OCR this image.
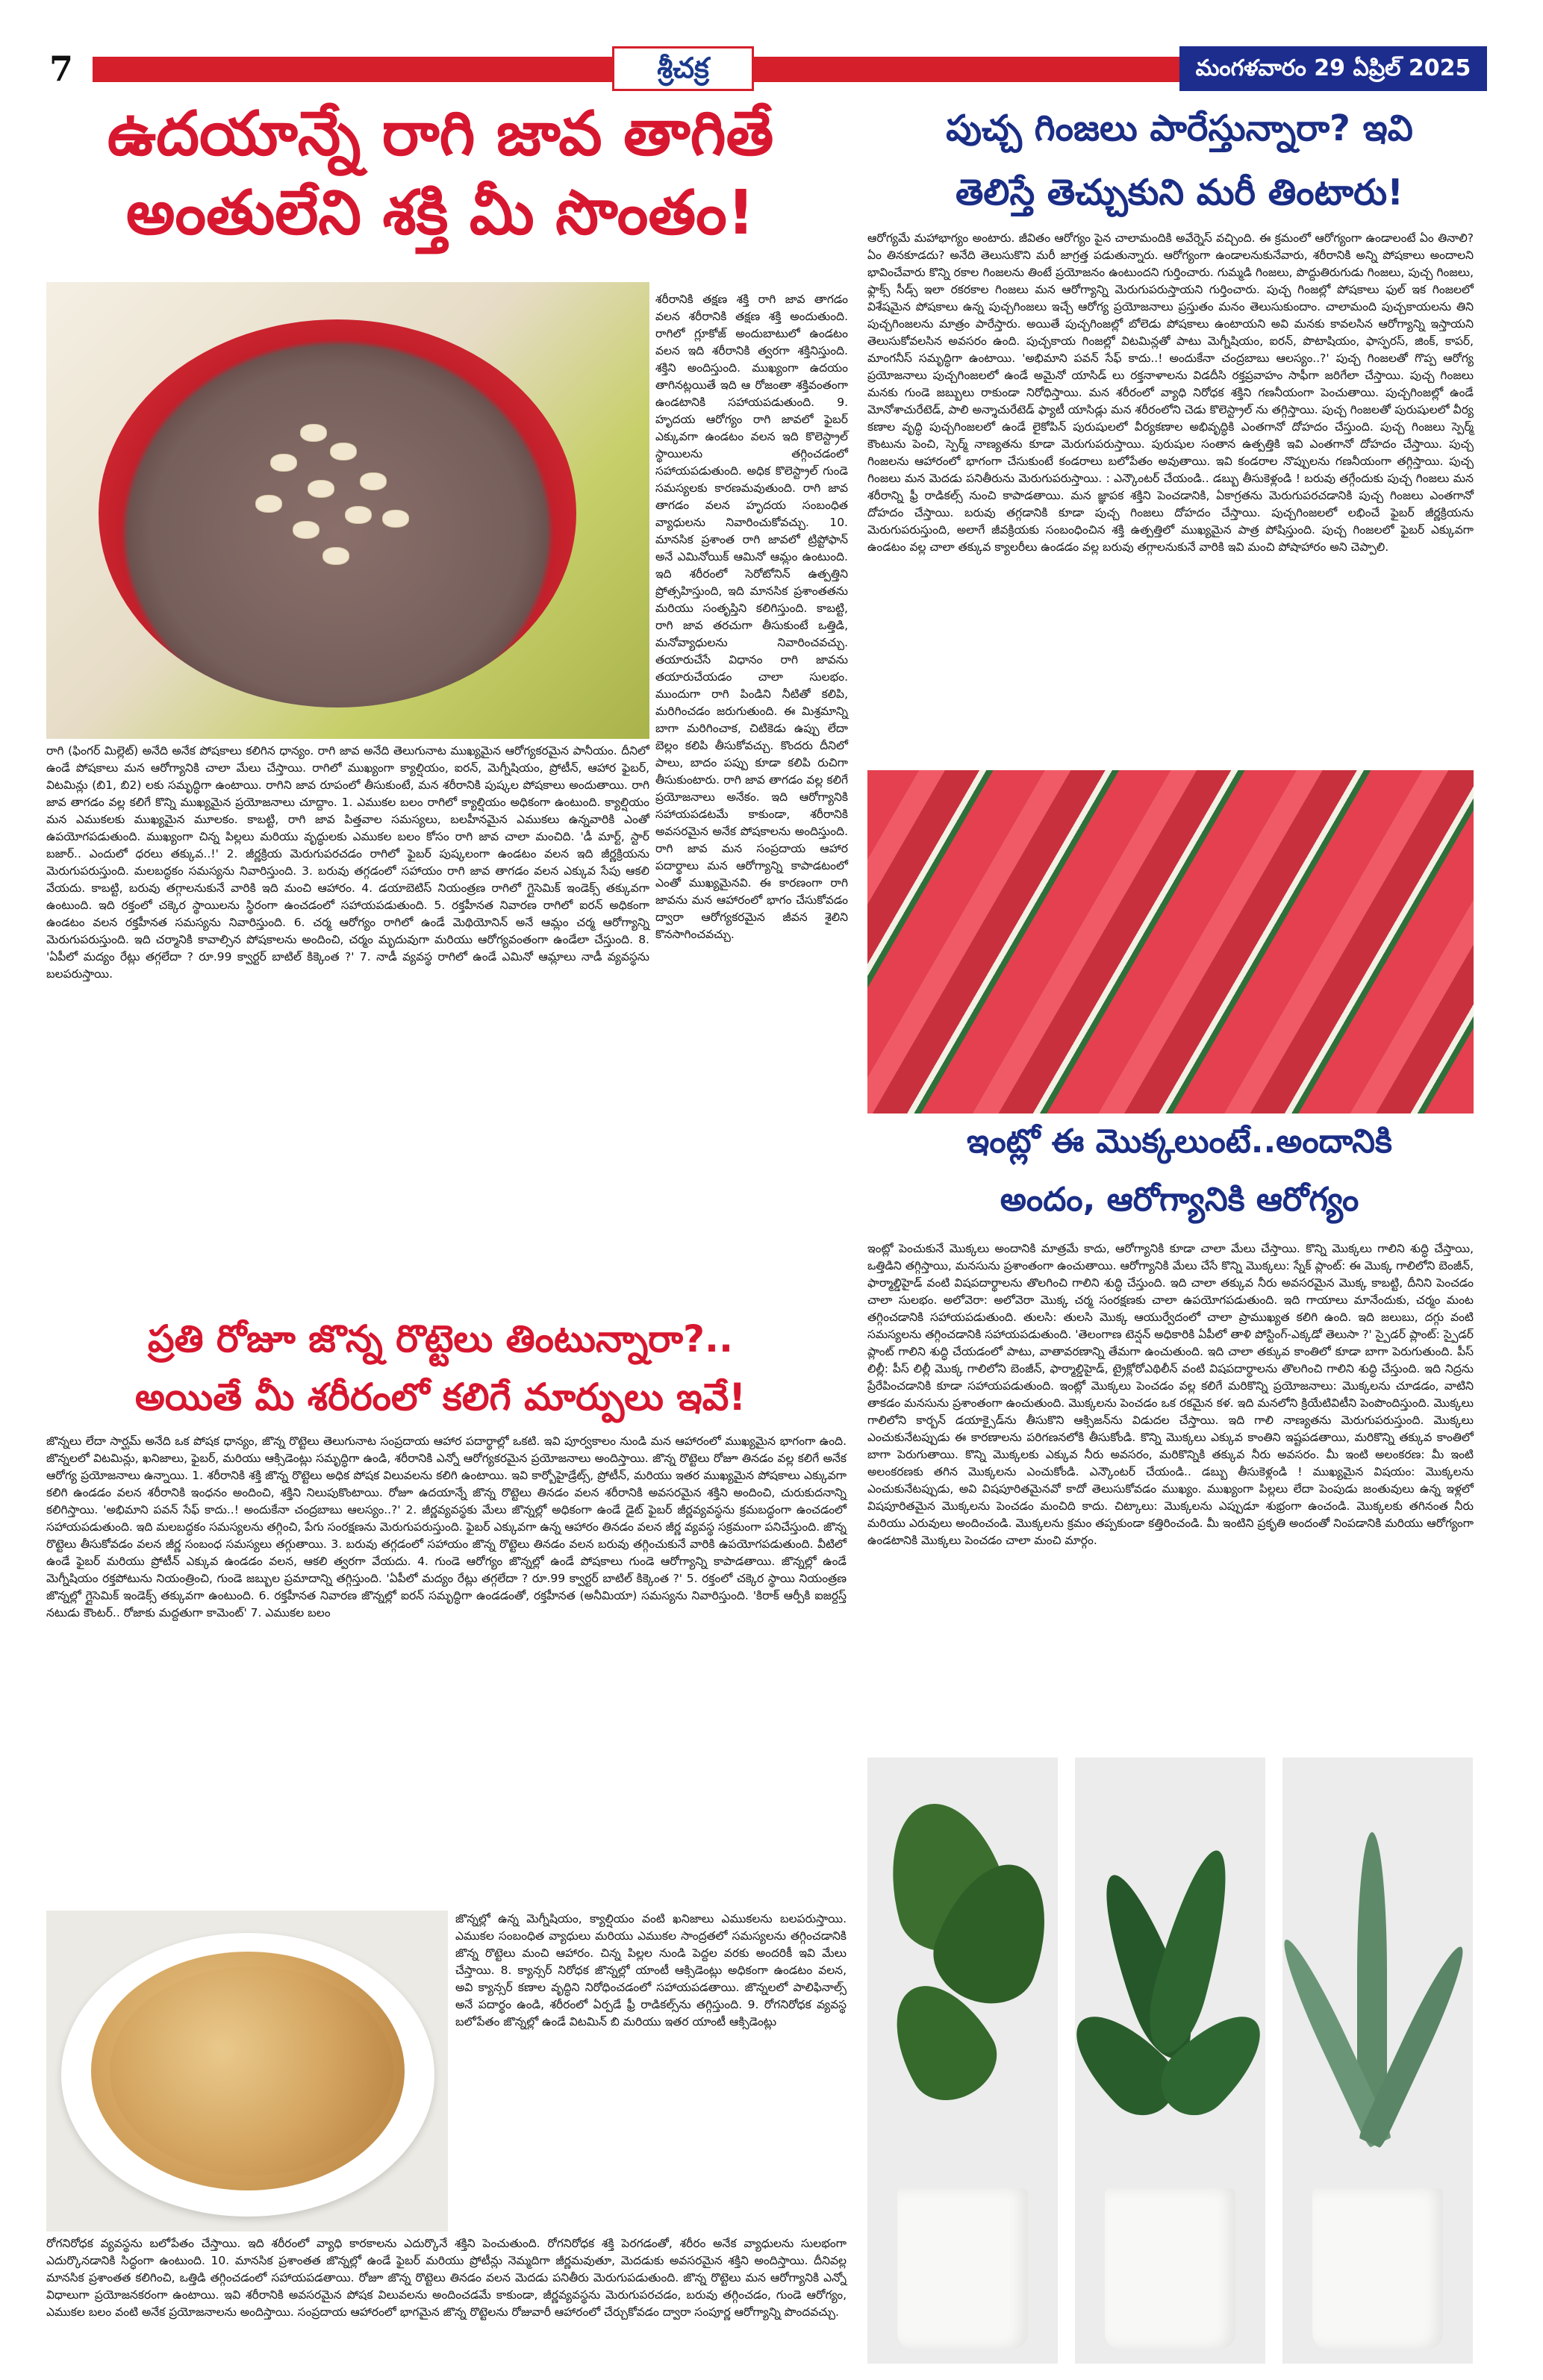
7	శ్రీచక్ర	మంగళవారం 29 ఏప్రిల్ 2025
ఉదయాన్నే రాగి జావ తాగితే
అంతులేని శక్తి మీ సొంతం!
శరీరానికి తక్షణ శక్తి రాగి జావ తాగడం వలన శరీరానికి తక్షణ శక్తి అందుతుంది. రాగిలో గ్లూకోజ్ అందుబాటులో ఉండటం వలన ఇది శరీరానికి త్వరగా శక్తినిస్తుంది. శక్తిని అందిస్తుంది. ముఖ్యంగా ఉదయం తాగినట్లయితే ఇది ఆ రోజంతా శక్తివంతంగా ఉండటానికి సహాయపడుతుంది. 9. హృదయ ఆరోగ్యం రాగి జావలో ఫైబర్ ఎక్కువగా ఉండటం వలన ఇది కొలెస్ట్రాల్ స్థాయిలను తగ్గించడంలో సహాయపడుతుంది. అధిక కొలెస్ట్రాల్ గుండె సమస్యలకు కారణమవుతుంది. రాగి జావ తాగడం వలన హృదయ సంబంధిత వ్యాధులను నివారించుకోవచ్చు. 10. మానసిక ప్రశాంత రాగి జావలో ట్రిప్టోఫాన్ అనే ఎమినోయిక్ ఆమినో ఆమ్లం ఉంటుంది. ఇది శరీరంలో సెరోటోనిన్ ఉత్పత్తిని ప్రోత్సహిస్తుంది, ఇది మానసిక ప్రశాంతతను మరియు సంతృప్తిని కలిగిస్తుంది. కాబట్టి, రాగి జావ తరచుగా తీసుకుంటే ఒత్తిడి, మనోవ్యాధులను నివారించవచ్చు. తయారుచేసే విధానం రాగి జావను తయారుచేయడం చాలా సులభం. ముందుగా రాగి పిండిని నీటితో కలిపి, మరిగించడం జరుగుతుంది. ఈ మిశ్రమాన్ని బాగా మరిగించాక, చిటికెడు ఉప్పు లేదా బెల్లం కలిపి తీసుకోవచ్చు. కొందరు దీనిలో పాలు, బాదం పప్పు కూడా కలిపి రుచిగా తీసుకుంటారు. రాగి జావ తాగడం వల్ల కలిగే ప్రయోజనాలు అనేకం. ఇది ఆరోగ్యానికి సహాయపడటమే కాకుండా, శరీరానికి అవసరమైన అనేక పోషకాలను అందిస్తుంది. రాగి జావ మన సంప్రదాయ ఆహార పదార్థాలు మన ఆరోగ్యాన్ని కాపాడటంలో ఎంతో ముఖ్యమైనవి. ఈ కారణంగా రాగి జావను మన ఆహారంలో భాగం చేసుకోవడం ద్వారా ఆరోగ్యకరమైన జీవన శైలిని కొనసాగించవచ్చు.
రాగి (ఫింగర్ మిల్లెట్) అనేది అనేక పోషకాలు కలిగిన ధాన్యం. రాగి జావ అనేది తెలుగునాట ముఖ్యమైన ఆరోగ్యకరమైన పానీయం. దీనిలో ఉండే పోషకాలు మన ఆరోగ్యానికి చాలా మేలు చేస్తాయి. రాగిలో ముఖ్యంగా క్యాల్షియం, ఐరన్, మెగ్నీషియం, ప్రోటీన్, ఆహార ఫైబర్, విటమిన్లు (బి1, బి2) లకు సమృద్ధిగా ఉంటాయి. రాగిని జావ రూపంలో తీసుకుంటే, మన శరీరానికి పుష్కల పోషకాలు అందుతాయి. రాగి జావ తాగడం వల్ల కలిగే కొన్ని ముఖ్యమైన ప్రయోజనాలు చూద్దాం. 1. ఎముకల బలం రాగిలో క్యాల్షియం అధికంగా ఉంటుంది. క్యాల్షియం మన ఎముకలకు ముఖ్యమైన మూలకం. కాబట్టి, రాగి జావ పిత్తవాల సమస్యలు, బలహీనమైన ఎముకలు ఉన్నవారికి ఎంతో ఉపయోగపడుతుంది. ముఖ్యంగా చిన్న పిల్లలు మరియు వృద్ధులకు ఎముకల బలం కోసం రాగి జావ చాలా మంచిది. 'డీ మార్ట్, స్టార్ బజార్.. ఎందులో ధరలు తక్కువ..!' 2. జీర్ణక్రియ మెరుగుపరచడం రాగిలో ఫైబర్ పుష్కలంగా ఉండటం వలన ఇది జీర్ణక్రియను మెరుగుపరుస్తుంది. మలబద్ధకం సమస్యను నివారిస్తుంది. 3. బరువు తగ్గడంలో సహాయం రాగి జావ తాగడం వలన ఎక్కువ సేపు ఆకలి వేయదు. కాబట్టి, బరువు తగ్గాలనుకునే వారికి ఇది మంచి ఆహారం. 4. డయాబెటిస్ నియంత్రణ రాగిలో గ్లైసెమిక్ ఇండెక్స్ తక్కువగా ఉంటుంది. ఇది రక్తంలో చక్కెర స్థాయిలను స్థిరంగా ఉంచడంలో సహాయపడుతుంది. 5. రక్తహీనత నివారణ రాగిలో ఐరన్ అధికంగా ఉండటం వలన రక్తహీనత సమస్యను నివారిస్తుంది. 6. చర్మ ఆరోగ్యం రాగిలో ఉండే మెథియోనిన్ అనే ఆమ్లం చర్మ ఆరోగ్యాన్ని మెరుగుపరుస్తుంది. ఇది చర్మానికి కావాల్సిన పోషకాలను అందించి, చర్మం మృదువుగా మరియు ఆరోగ్యవంతంగా ఉండేలా చేస్తుంది. 8. 'ఏపీలో మద్యం రేట్లు తగ్గలేదా ? రూ.99 క్వార్టర్ బాటిల్ కిక్కెంత ?' 7. నాడీ వ్యవస్థ రాగిలో ఉండే ఎమినో ఆమ్లాలు నాడీ వ్యవస్థను బలపరుస్తాయి.
ప్రతి రోజూ జొన్న రొట్టెలు తింటున్నారా?..
అయితే మీ శరీరంలో కలిగే మార్పులు ఇవే!
జొన్నలు లేదా సార్ఘమ్ అనేది ఒక పోషక ధాన్యం, జొన్న రొట్టెలు తెలుగునాట సంప్రదాయ ఆహార పదార్థాల్లో ఒకటి. ఇవి పూర్వకాలం నుండి మన ఆహారంలో ముఖ్యమైన భాగంగా ఉంది. జొన్నలలో విటమిన్లు, ఖనిజాలు, ఫైబర్, మరియు ఆక్సిడెంట్లు సమృద్ధిగా ఉండి, శరీరానికి ఎన్నో ఆరోగ్యకరమైన ప్రయోజనాలు అందిస్తాయి. జొన్న రొట్టెలు రోజూ తినడం వల్ల కలిగే అనేక ఆరోగ్య ప్రయోజనాలు ఉన్నాయి. 1. శరీరానికి శక్తి జొన్న రొట్టెలు అధిక పోషక విలువలను కలిగి ఉంటాయి. ఇవి కార్బోహైడ్రేట్స్, ప్రోటీన్, మరియు ఇతర ముఖ్యమైన పోషకాలు ఎక్కువగా కలిగి ఉండడం వలన శరీరానికి ఇంధనం అందించి, శక్తిని నిలుపుకొంటాయి. రోజూ ఉదయాన్నే జొన్న రొట్టెలు తినడం వలన శరీరానికి అవసరమైన శక్తిని అందించి, చురుకుదనాన్ని కలిగిస్తాయి. 'అభిమాని పవన్ సేఫ్ కాదు..! అందుకేనా చంద్రబాబు ఆలస్యం..?' 2. జీర్ణవ్యవస్థకు మేలు జొన్నల్లో అధికంగా ఉండే డైట్ ఫైబర్ జీర్ణవ్యవస్థను క్రమబద్ధంగా ఉంచడంలో సహాయపడుతుంది. ఇది మలబద్ధకం సమస్యలను తగ్గించి, పేగు సంరక్షణను మెరుగుపరుస్తుంది. ఫైబర్ ఎక్కువగా ఉన్న ఆహారం తినడం వలన జీర్ణ వ్యవస్థ సక్రమంగా పనిచేస్తుంది. జొన్న రొట్టెలు తీసుకోవడం వలన జీర్ణ సంబంధ సమస్యలు తగ్గుతాయి. 3. బరువు తగ్గడంలో సహాయం జొన్న రొట్టెలు తినడం వలన బరువు తగ్గించుకునే వారికి ఉపయోగపడుతుంది. వీటిలో ఉండే ఫైబర్ మరియు ప్రోటీన్ ఎక్కువ ఉండడం వలన, ఆకలి త్వరగా వేయదు. 4. గుండె ఆరోగ్యం జొన్నల్లో ఉండే పోషకాలు గుండె ఆరోగ్యాన్ని కాపాడతాయి. జొన్నల్లో ఉండే మెగ్నీషియం రక్తపోటును నియంత్రించి, గుండె జబ్బుల ప్రమాదాన్ని తగ్గిస్తుంది. 'ఏపీలో మద్యం రేట్లు తగ్గలేదా ? రూ.99 క్వార్టర్ బాటిల్ కిక్కెంత ?' 5. రక్తంలో చక్కెర స్థాయి నియంత్రణ జొన్నల్లో గ్లైసెమిక్ ఇండెక్స్ తక్కువగా ఉంటుంది. 6. రక్తహీనత నివారణ జొన్నల్లో ఐరన్ సమృద్ధిగా ఉండడంతో, రక్తహీనత (అనీమియా) సమస్యను నివారిస్తుంది. 'కిరాక్ ఆర్పీకి ఐజర్దస్త్ నటుడు కౌంటర్.. రోజాకు మద్దతుగా కామెంట్' 7. ఎముకల బలం
జొన్నల్లో ఉన్న మెగ్నీషియం, క్యాల్షియం వంటి ఖనిజాలు ఎముకలను బలపరుస్తాయి. ఎముకల సంబంధిత వ్యాధులు మరియు ఎముకల సాంద్రతలో సమస్యలను తగ్గించడానికి జొన్న రొట్టెలు మంచి ఆహారం. చిన్న పిల్లల నుండి పెద్దల వరకు అందరికీ ఇవి మేలు చేస్తాయి. 8. క్యాన్సర్ నిరోధక జొన్నల్లో యాంటీ ఆక్సిడెంట్లు అధికంగా ఉండటం వలన, అవి క్యాన్సర్ కణాల వృద్ధిని నిరోధించడంలో సహాయపడతాయి. జొన్నలలో పాలిఫినాల్స్ అనే పదార్థం ఉండి, శరీరంలో ఏర్పడే ఫ్రీ రాడికల్స్‌ను తగ్గిస్తుంది. 9. రోగనిరోధక వ్యవస్థ బలోపేతం జొన్నల్లో ఉండే విటమిన్ బి మరియు ఇతర యాంటీ ఆక్సిడెంట్లు
రోగనిరోధక వ్యవస్థను బలోపేతం చేస్తాయి. ఇది శరీరంలో వ్యాధి కారకాలను ఎదుర్కొనే శక్తిని పెంచుతుంది. రోగనిరోధక శక్తి పెరగడంతో, శరీరం అనేక వ్యాధులను సులభంగా ఎదుర్కొనడానికి సిద్ధంగా ఉంటుంది. 10. మానసిక ప్రశాంతత జొన్నల్లో ఉండే ఫైబర్ మరియు ప్రోటీన్లు నెమ్మదిగా జీర్ణమవుతూ, మెదడుకు అవసరమైన శక్తిని అందిస్తాయి. దీనివల్ల మానసిక ప్రశాంతత కలిగించి, ఒత్తిడి తగ్గించడంలో సహాయపడతాయి. రోజూ జొన్న రొట్టెలు తినడం వలన మెదడు పనితీరు మెరుగుపడుతుంది. జొన్న రొట్టెలు మన ఆరోగ్యానికి ఎన్నో విధాలుగా ప్రయోజనకరంగా ఉంటాయి. ఇవి శరీరానికి అవసరమైన పోషక విలువలను అందించడమే కాకుండా, జీర్ణవ్యవస్థను మెరుగుపరచడం, బరువు తగ్గించడం, గుండె ఆరోగ్యం, ఎముకల బలం వంటి అనేక ప్రయోజనాలను అందిస్తాయి. సంప్రదాయ ఆహారంలో భాగమైన జొన్న రొట్టెలను రోజువారీ ఆహారంలో చేర్చుకోవడం ద్వారా సంపూర్ణ ఆరోగ్యాన్ని పొందవచ్చు.
పుచ్చ గింజలు పారేస్తున్నారా? ఇవి
తెలిస్తే తెచ్చుకుని మరీ తింటారు!
ఆరోగ్యమే మహాభాగ్యం అంటారు. జీవితం ఆరోగ్యం పైన చాలామందికి అవేర్నెస్ వచ్చింది. ఈ క్రమంలో ఆరోగ్యంగా ఉండాలంటే ఏం తినాలి? ఏం తినకూడదు? అనేది తెలుసుకొని మరీ జాగ్రత్త పడుతున్నారు. ఆరోగ్యంగా ఉండాలనుకునేవారు, శరీరానికి అన్ని పోషకాలు అందాలని భావించేవారు కొన్ని రకాల గింజలను తింటే ప్రయోజనం ఉంటుందని గుర్తించారు. గుమ్మడి గింజలు, పొద్దుతిరుగుడు గింజలు, పుచ్చ గింజలు, ఫ్లాక్స్ సీడ్స్ ఇలా రకరకాల గింజలు మన ఆరోగ్యాన్ని మెరుగుపరుస్తాయని గుర్తించారు. పుచ్చ గింజల్లో పోషకాలు ఫుల్ ఇక గింజలలో విశేషమైన పోషకాలు ఉన్న పుచ్చగింజలు ఇచ్చే ఆరోగ్య ప్రయోజనాలు ప్రస్తుతం మనం తెలుసుకుందాం. చాలామంది పుచ్చకాయలను తిని పుచ్చగింజలను మాత్రం పారేస్తారు. అయితే పుచ్చగింజల్లో బోలెడు పోషకాలు ఉంటాయని అవి మనకు కావలసిన ఆరోగ్యాన్ని ఇస్తాయని తెలుసుకోవలసిన అవసరం ఉంది. పుచ్చకాయ గింజల్లో విటమిన్లతో పాటు మెగ్నీషియం, ఐరన్, పొటాషియం, ఫాస్ఫరస్, జింక్, కాపర్, మాంగనీస్ సమృద్ధిగా ఉంటాయి. 'అభిమాని పవన్ సేఫ్ కాదు..! అందుకేనా చంద్రబాబు ఆలస్యం..?' పుచ్చ గింజలతో గొప్ప ఆరోగ్య ప్రయోజనాలు పుచ్చగింజలలో ఉండే అమైనో యాసిడ్ లు రక్తనాళాలను విడదీసి రక్తప్రవాహం సాఫీగా జరిగేలా చేస్తాయి. పుచ్చ గింజలు మనకు గుండె జబ్బులు రాకుండా నిరోధిస్తాయి. మన శరీరంలో వ్యాధి నిరోధక శక్తిని గణనీయంగా పెంచుతాయి. పుచ్చగింజల్లో ఉండే మోనోశాచురేటెడ్, పాలి అన్శాచురేటెడ్ ఫ్యాటీ యాసిడ్లు మన శరీరంలోని చెడు కొలెస్ట్రాల్ ను తగ్గిస్తాయి. పుచ్చ గింజలతో పురుషులలో వీర్య కణాల వృద్ధి పుచ్చగింజలలో ఉండే లైకోపిన్ పురుషులలో వీర్యకణాల అభివృద్ధికి ఎంతగానో దోహదం చేస్తుంది. పుచ్చ గింజలు స్పెర్మ్ కౌంటును పెంచి, స్పెర్మ్ నాణ్యతను కూడా మెరుగుపరుస్తాయి. పురుషుల సంతాన ఉత్పత్తికి ఇవి ఎంతగానో దోహదం చేస్తాయి. పుచ్చ గింజలను ఆహారంలో భాగంగా చేసుకుంటే కండరాలు బలోపేతం అవుతాయి. ఇవి కండరాల నొప్పులను గణనీయంగా తగ్గిస్తాయి. పుచ్చ గింజలు మన మెదడు పనితీరును మెరుగుపరుస్తాయి. : ఎన్కౌంటర్ చేయండి.. డబ్బు తీసుకెళ్లండి ! బరువు తగ్గేందుకు పుచ్చ గింజలు మన శరీరాన్ని ఫ్రీ రాడికల్స్ నుంచి కాపాడతాయి. మన జ్ఞాపక శక్తిని పెంచడానికి, ఏకాగ్రతను మెరుగుపరచడానికి పుచ్చ గింజలు ఎంతగానో దోహదం చేస్తాయి. బరువు తగ్గడానికి కూడా పుచ్చ గింజలు దోహదం చేస్తాయి. పుచ్చగింజలలో లభించే ఫైబర్ జీర్ణక్రియను మెరుగుపరుస్తుంది, అలాగే జీవక్రియకు సంబంధించిన శక్తి ఉత్పత్తిలో ముఖ్యమైన పాత్ర పోషిస్తుంది. పుచ్చ గింజలలో ఫైబర్ ఎక్కువగా ఉండటం వల్ల చాలా తక్కువ క్యాలరీలు ఉండడం వల్ల బరువు తగ్గాలనుకునే వారికి ఇవి మంచి పోషాహారం అని చెప్పాలి.
ఇంట్లో ఈ మొక్కలుంటే..అందానికి
అందం, ఆరోగ్యానికి ఆరోగ్యం
ఇంట్లో పెంచుకునే మొక్కలు అందానికి మాత్రమే కాదు, ఆరోగ్యానికి కూడా చాలా మేలు చేస్తాయి. కొన్ని మొక్కలు గాలిని శుద్ధి చేస్తాయి, ఒత్తిడిని తగ్గిస్తాయి, మనసును ప్రశాంతంగా ఉంచుతాయి. ఆరోగ్యానికి మేలు చేసే కొన్ని మొక్కలు: స్నేక్ ప్లాంట్: ఈ మొక్క గాలిలోని బెంజీన్, ఫార్మాల్డిహైడ్ వంటి విషపదార్థాలను తొలగించి గాలిని శుద్ధి చేస్తుంది. ఇది చాలా తక్కువ నీరు అవసరమైన మొక్క కాబట్టి, దీనిని పెంచడం చాలా సులభం. అలోవెరా: అలోవెరా మొక్క చర్మ సంరక్షణకు చాలా ఉపయోగపడుతుంది. ఇది గాయాలు మానేందుకు, చర్మం మంట తగ్గించడానికి సహాయపడుతుంది. తులసి: తులసి మొక్క ఆయుర్వేదంలో చాలా ప్రాముఖ్యత కలిగి ఉంది. ఇది జలుబు, దగ్గు వంటి సమస్యలను తగ్గించడానికి సహాయపడుతుంది. 'తెలంగాణ టెన్షన్ అధికారికి ఏపీలో తాళి పోస్టింగ్-ఎక్కడో తెలుసా ?' స్పైడర్ ప్లాంట్: స్పైడర్ ప్లాంట్ గాలిని శుద్ధి చేయడంలో పాటు, వాతావరణాన్ని తేమగా ఉంచుతుంది. ఇది చాలా తక్కువ కాంతిలో కూడా బాగా పెరుగుతుంది. పీస్ లిల్లీ: పీస్ లిల్లీ మొక్క గాలిలోని బెంజీన్, ఫార్మాల్డిహైడ్, ట్రైక్లోరోఎథిలీన్ వంటి విషపదార్థాలను తొలగించి గాలిని శుద్ధి చేస్తుంది. ఇది నిద్రను ప్రేరేపించడానికి కూడా సహాయపడుతుంది. ఇంట్లో మొక్కలు పెంచడం వల్ల కలిగే మరికొన్ని ప్రయోజనాలు: మొక్కలను చూడడం, వాటిని తాకడం మనసును ప్రశాంతంగా ఉంచుతుంది. మొక్కలను పెంచడం ఒక రకమైన కళ. ఇది మనలోని క్రియేటివిటీని పెంపొందిస్తుంది. మొక్కలు గాలిలోని కార్బన్ డయాక్సైడ్‌ను తీసుకొని ఆక్సిజన్‌ను విడుదల చేస్తాయి. ఇది గాలి నాణ్యతను మెరుగుపరుస్తుంది. మొక్కలు ఎంచుకునేటప్పుడు ఈ కారణాలను పరిగణనలోకి తీసుకోండి. కొన్ని మొక్కలు ఎక్కువ కాంతిని ఇష్టపడతాయి, మరికొన్ని తక్కువ కాంతిలో బాగా పెరుగుతాయి. కొన్ని మొక్కలకు ఎక్కువ నీరు అవసరం, మరికొన్నికి తక్కువ నీరు అవసరం. మీ ఇంటి అలంకరణ: మీ ఇంటి అలంకరణకు తగిన మొక్కలను ఎంచుకోండి. ఎన్కౌంటర్ చేయండి.. డబ్బు తీసుకెళ్లండి ! ముఖ్యమైన విషయం: మొక్కలను ఎంచుకునేటప్పుడు, అవి విషపూరితమైనవో కాదో తెలుసుకోవడం ముఖ్యం. ముఖ్యంగా పిల్లలు లేదా పెంపుడు జంతువులు ఉన్న ఇళ్లలో విషపూరితమైన మొక్కలను పెంచడం మంచిది కాదు. చిట్కాలు: మొక్కలను ఎప్పుడూ శుభ్రంగా ఉంచండి. మొక్కలకు తగినంత నీరు మరియు ఎరువులు అందించండి. మొక్కలను క్రమం తప్పకుండా కత్తిరించండి. మీ ఇంటిని ప్రకృతి అందంతో నింపడానికి మరియు ఆరోగ్యంగా ఉండటానికి మొక్కలు పెంచడం చాలా మంచి మార్గం.
